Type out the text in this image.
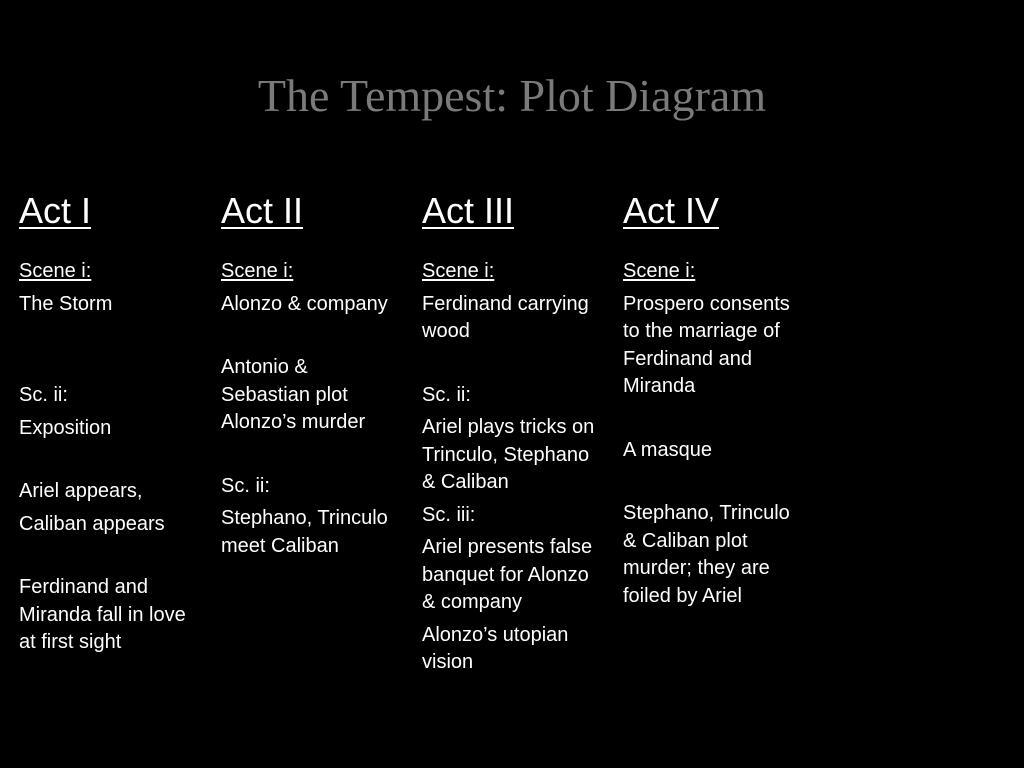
The Tempest: Plot Diagram
Act I

Scene i:

The Storm

Sc. ii:

Exposition

Ariel appears,

Caliban appears

Ferdinand and Miranda fall in love at first sight

Act II

Scene i:

Alonzo & company

Antonio & Sebastian plot Alonzo’s murder

Sc. ii:

Stephano, Trinculo meet Caliban

Act III

Scene i:

Ferdinand carrying wood

Sc. ii:

Ariel plays tricks on Trinculo, Stephano & Caliban

Sc. iii:

Ariel presents false banquet for Alonzo & company

Alonzo’s utopian vision

Act IV

Scene i:

Prospero consents to the marriage of Ferdinand and Miranda

A masque

Stephano, Trinculo & Caliban plot murder; they are foiled by Ariel
